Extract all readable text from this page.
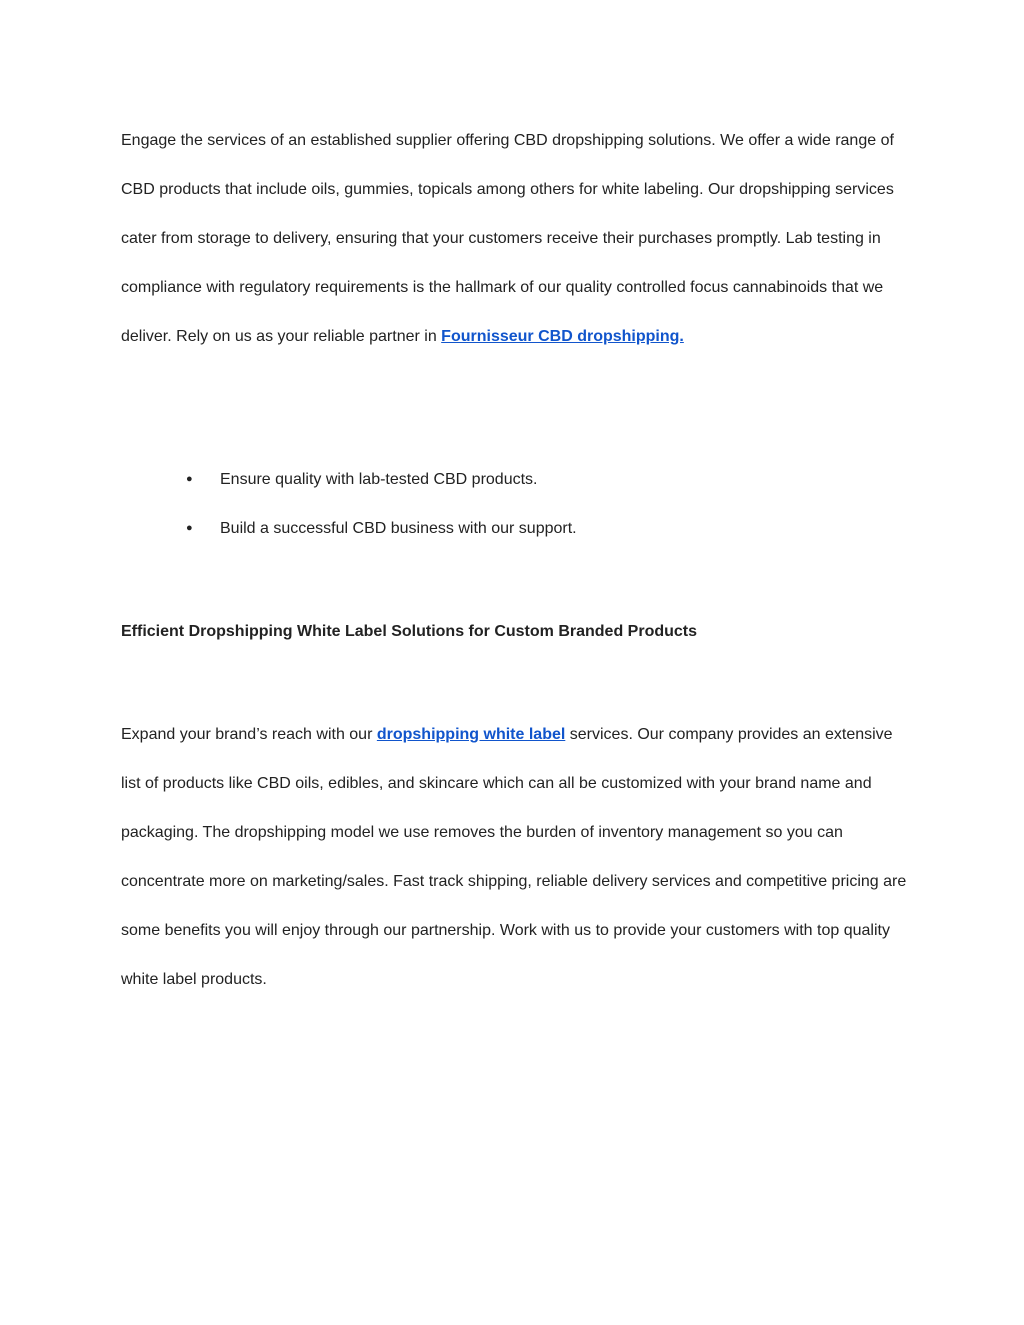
Engage the services of an established supplier offering CBD dropshipping solutions. We offer a wide range of CBD products that include oils, gummies, topicals among others for white labeling. Our dropshipping services cater from storage to delivery, ensuring that your customers receive their purchases promptly. Lab testing in compliance with regulatory requirements is the hallmark of our quality controlled focus cannabinoids that we deliver. Rely on us as your reliable partner in Fournisseur CBD dropshipping.

● Ensure quality with lab-tested CBD products.
● Build a successful CBD business with our support.
Efficient Dropshipping White Label Solutions for Custom Branded Products

Expand your brand’s reach with our dropshipping white label services. Our company provides an extensive list of products like CBD oils, edibles, and skincare which can all be customized with your brand name and packaging. The dropshipping model we use removes the burden of inventory management so you can concentrate more on marketing/sales. Fast track shipping, reliable delivery services and competitive pricing are some benefits you will enjoy through our partnership. Work with us to provide your customers with top quality white label products.
